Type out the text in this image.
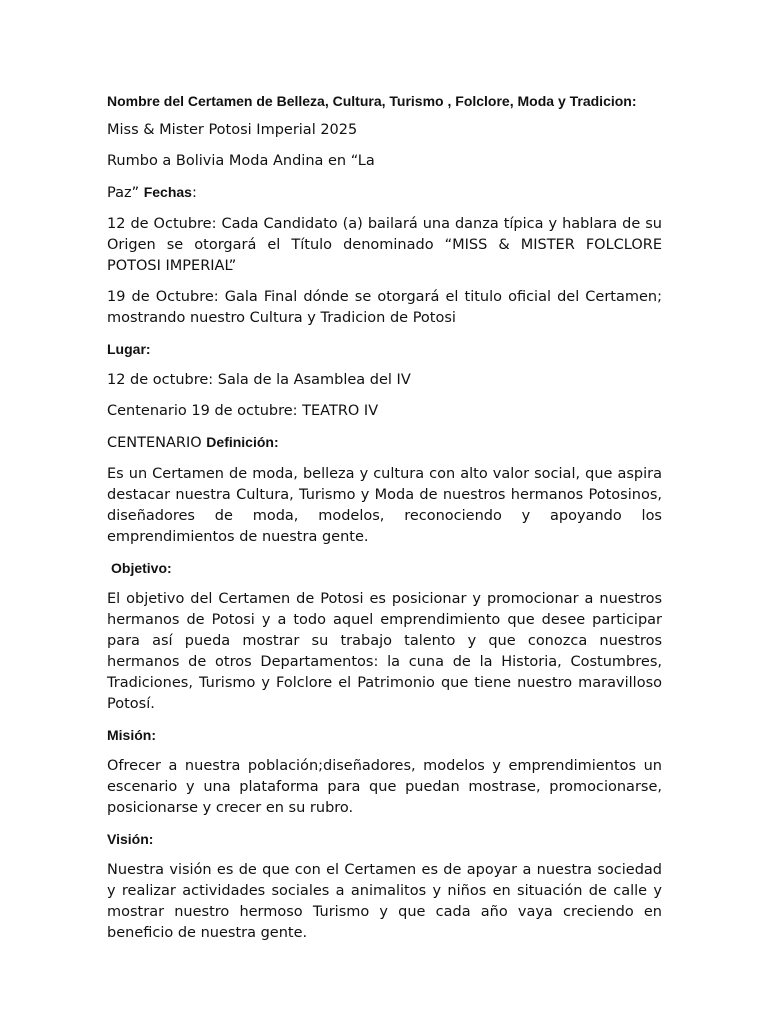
Nombre del Certamen de Belleza, Cultura, Turismo , Folclore, Moda y Tradicion:

Miss & Mister Potosi Imperial 2025

Rumbo a Bolivia Moda Andina en “La

Paz” Fechas:

12 de Octubre: Cada Candidato (a) bailará una danza típica y hablara de su Origen se otorgará el Título denominado “MISS & MISTER FOLCLORE POTOSI IMPERIAL”

19 de Octubre: Gala Final dónde se otorgará el titulo oficial del Certamen; mostrando nuestro Cultura y Tradicion de Potosi

Lugar:

12 de octubre: Sala de la Asamblea del IV

Centenario 19 de octubre: TEATRO IV

CENTENARIO Definición:

Es un Certamen de moda, belleza y cultura con alto valor social, que aspira destacar nuestra Cultura, Turismo y Moda de nuestros hermanos Potosinos, diseñadores de moda, modelos, reconociendo y apoyando los emprendimientos de nuestra gente.

Objetivo:

El objetivo del Certamen de Potosi es posicionar y promocionar a nuestros hermanos de Potosi y a todo aquel emprendimiento que desee participar para así pueda mostrar su trabajo talento y que conozca nuestros hermanos de otros Departamentos: la cuna de la Historia, Costumbres, Tradiciones, Turismo y Folclore el Patrimonio que tiene nuestro maravilloso Potosí.

Misión:

Ofrecer a nuestra población;diseñadores, modelos y emprendimientos un escenario y una plataforma para que puedan mostrase, promocionarse, posicionarse y crecer en su rubro.

Visión:

Nuestra visión es de que con el Certamen es de apoyar a nuestra sociedad y realizar actividades sociales a animalitos y niños en situación de calle y mostrar nuestro hermoso Turismo y que cada año vaya creciendo en beneficio de nuestra gente.
